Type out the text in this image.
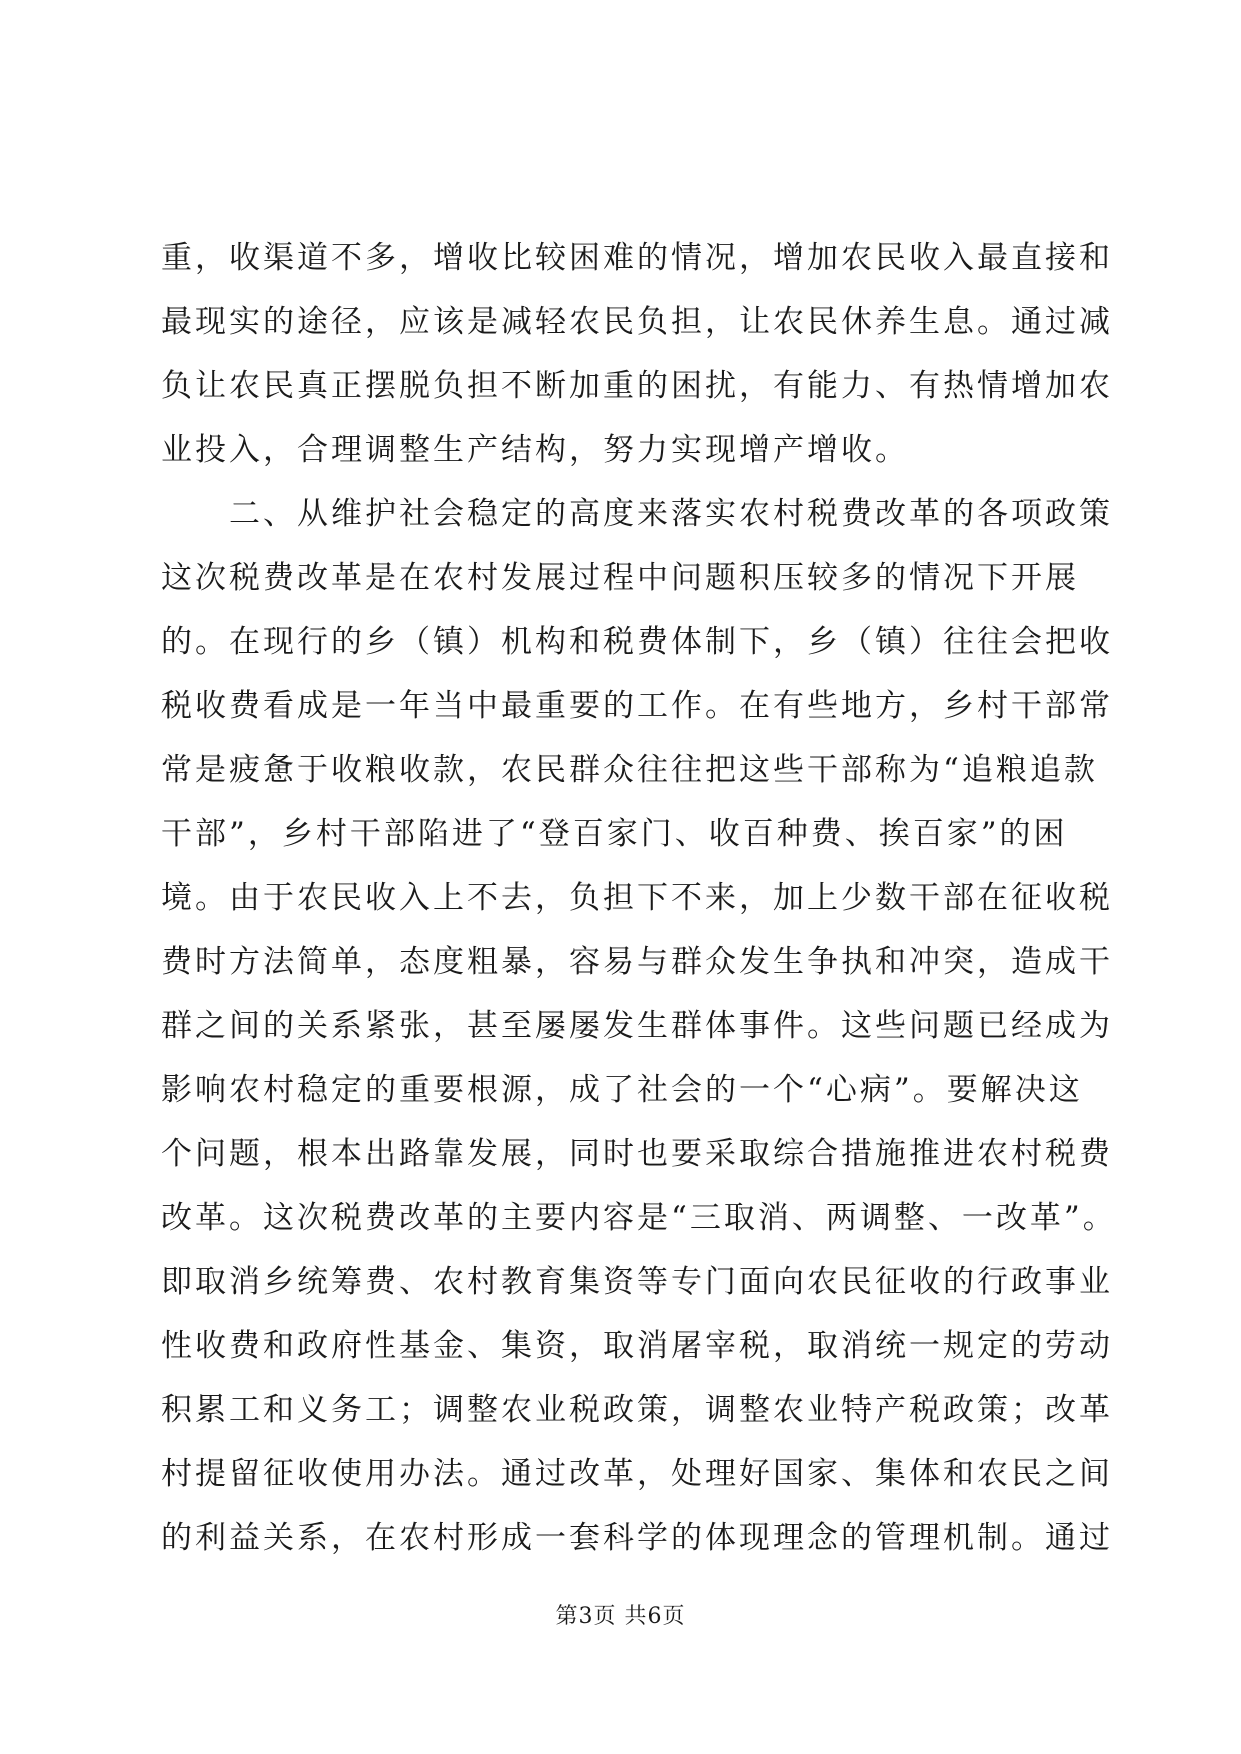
重，收渠道不多，增收比较困难的情况，增加农民收入最直接和
最现实的途径，应该是减轻农民负担，让农民休养生息。通过减
负让农民真正摆脱负担不断加重的困扰，有能力、有热情增加农
业投入，合理调整生产结构，努力实现增产增收。
　　二、从维护社会稳定的高度来落实农村税费改革的各项政策
这次税费改革是在农村发展过程中问题积压较多的情况下开展
的。在现行的乡（镇）机构和税费体制下，乡（镇）往往会把收
税收费看成是一年当中最重要的工作。在有些地方，乡村干部常
常是疲惫于收粮收款，农民群众往往把这些干部称为“追粮追款
干部”，乡村干部陷进了“登百家门、收百种费、挨百家”的困
境。由于农民收入上不去，负担下不来，加上少数干部在征收税
费时方法简单，态度粗暴，容易与群众发生争执和冲突，造成干
群之间的关系紧张，甚至屡屡发生群体事件。这些问题已经成为
影响农村稳定的重要根源，成了社会的一个“心病”。要解决这
个问题，根本出路靠发展，同时也要采取综合措施推进农村税费
改革。这次税费改革的主要内容是“三取消、两调整、一改革”。
即取消乡统筹费、农村教育集资等专门面向农民征收的行政事业
性收费和政府性基金、集资，取消屠宰税，取消统一规定的劳动
积累工和义务工；调整农业税政策，调整农业特产税政策；改革
村提留征收使用办法。通过改革，处理好国家、集体和农民之间
的利益关系，在农村形成一套科学的体现理念的管理机制。通过
第3页 共6页
